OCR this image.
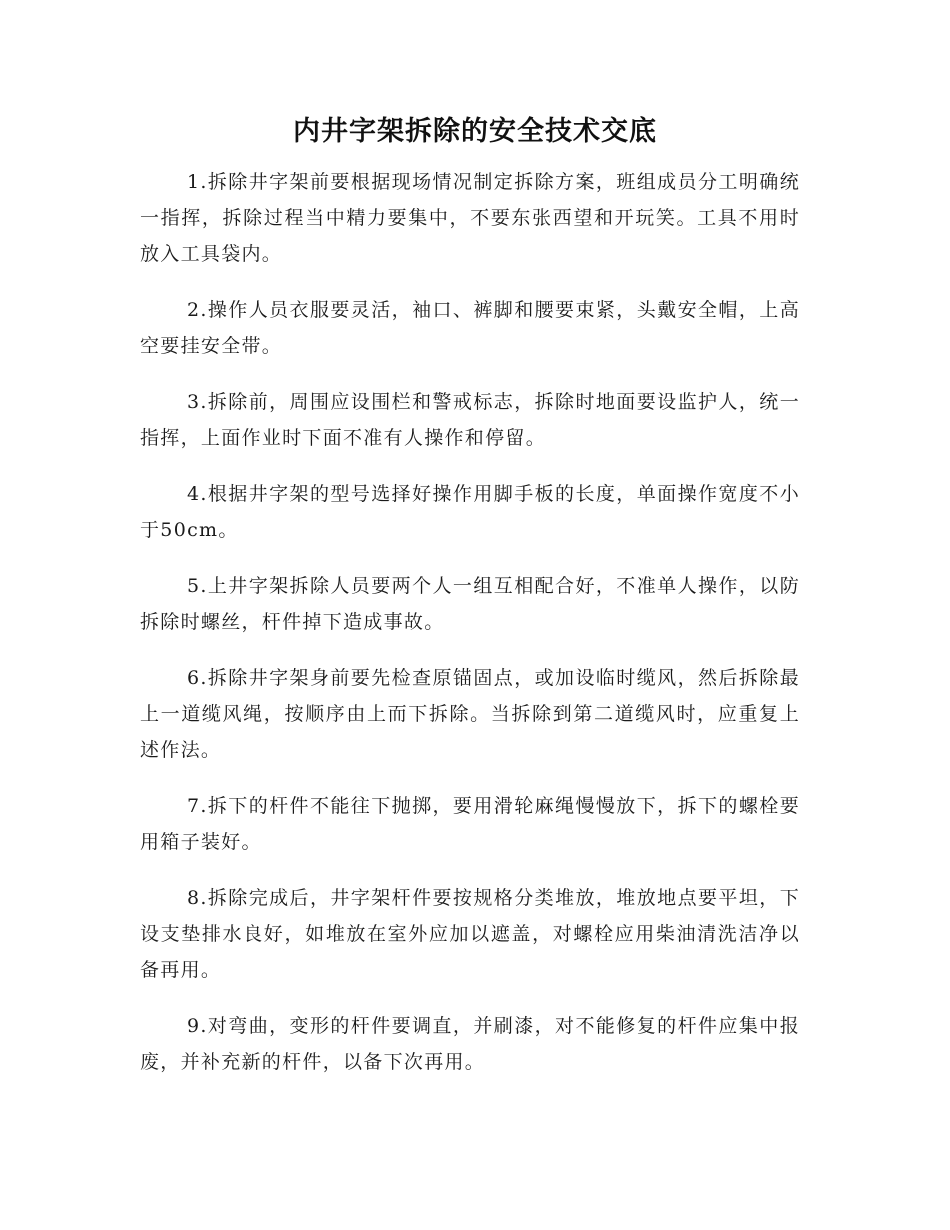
内井字架拆除的安全技术交底

1.拆除井字架前要根据现场情况制定拆除方案，班组成员分工明确统一指挥，拆除过程当中精力要集中，不要东张西望和开玩笑。工具不用时放入工具袋内。

2.操作人员衣服要灵活，袖口、裤脚和腰要束紧，头戴安全帽，上高空要挂安全带。

3.拆除前，周围应设围栏和警戒标志，拆除时地面要设监护人，统一指挥，上面作业时下面不准有人操作和停留。

4.根据井字架的型号选择好操作用脚手板的长度，单面操作宽度不小于50cm。

5.上井字架拆除人员要两个人一组互相配合好，不准单人操作，以防拆除时螺丝，杆件掉下造成事故。

6.拆除井字架身前要先检查原锚固点，或加设临时缆风，然后拆除最上一道缆风绳，按顺序由上而下拆除。当拆除到第二道缆风时，应重复上述作法。

7.拆下的杆件不能往下抛掷，要用滑轮麻绳慢慢放下，拆下的螺栓要用箱子装好。

8.拆除完成后，井字架杆件要按规格分类堆放，堆放地点要平坦，下设支垫排水良好，如堆放在室外应加以遮盖，对螺栓应用柴油清洗洁净以备再用。

9.对弯曲，变形的杆件要调直，并刷漆，对不能修复的杆件应集中报废，并补充新的杆件，以备下次再用。
